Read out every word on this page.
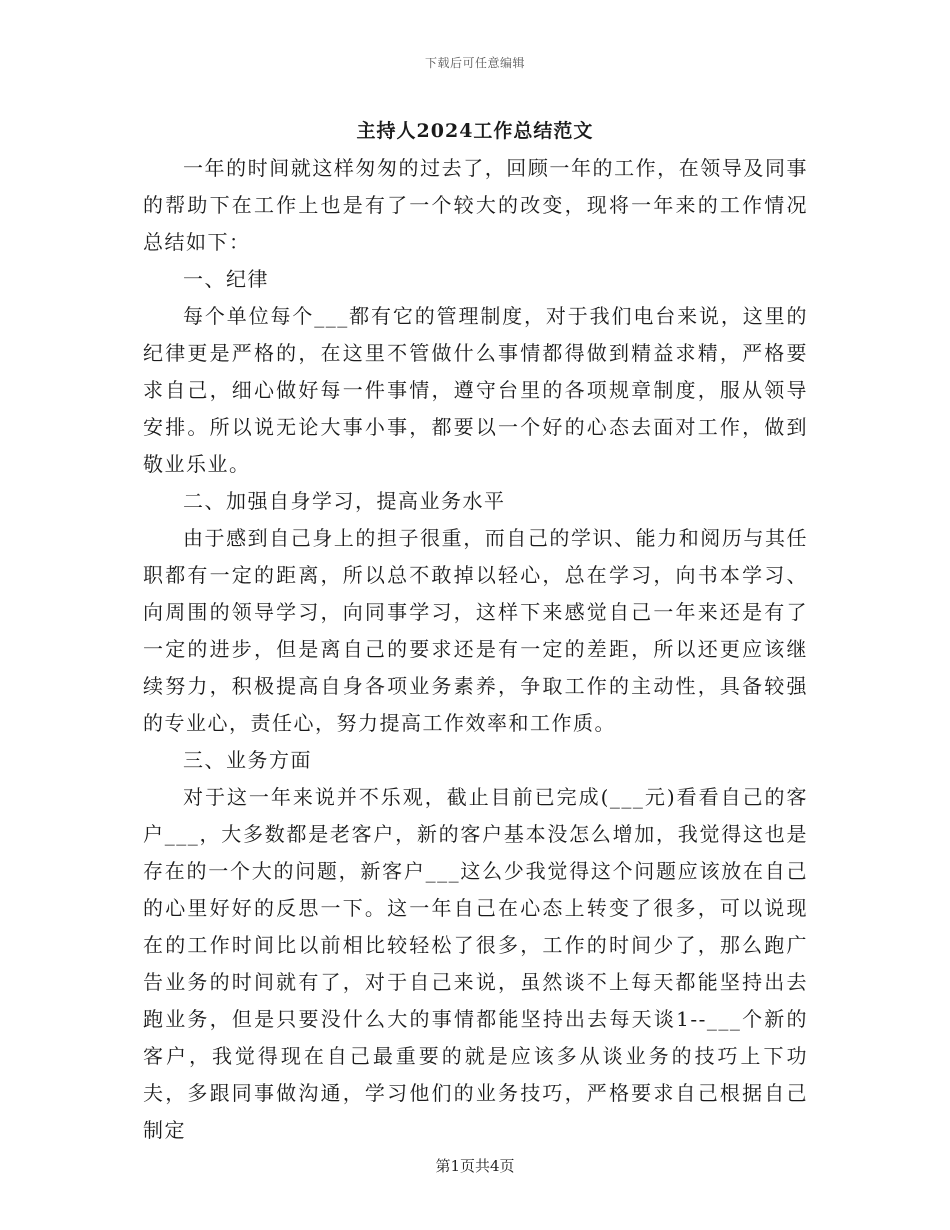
下载后可任意编辑
主持人2024工作总结范文

一年的时间就这样匆匆的过去了，回顾一年的工作，在领导及同事的帮助下在工作上也是有了一个较大的改变，现将一年来的工作情况总结如下：

一、纪律

每个单位每个___都有它的管理制度，对于我们电台来说，这里的纪律更是严格的，在这里不管做什么事情都得做到精益求精，严格要求自己，细心做好每一件事情，遵守台里的各项规章制度，服从领导安排。所以说无论大事小事，都要以一个好的心态去面对工作，做到敬业乐业。

二、加强自身学习，提高业务水平

由于感到自己身上的担子很重，而自己的学识、能力和阅历与其任职都有一定的距离，所以总不敢掉以轻心，总在学习，向书本学习、向周围的领导学习，向同事学习，这样下来感觉自己一年来还是有了一定的进步，但是离自己的要求还是有一定的差距，所以还更应该继续努力，积极提高自身各项业务素养，争取工作的主动性，具备较强的专业心，责任心，努力提高工作效率和工作质。

三、业务方面

对于这一年来说并不乐观，截止目前已完成(___元)看看自己的客户___，大多数都是老客户，新的客户基本没怎么增加，我觉得这也是存在的一个大的问题，新客户___这么少我觉得这个问题应该放在自己的心里好好的反思一下。这一年自己在心态上转变了很多，可以说现在的工作时间比以前相比较轻松了很多，工作的时间少了，那么跑广告业务的时间就有了，对于自己来说，虽然谈不上每天都能坚持出去跑业务，但是只要没什么大的事情都能坚持出去每天谈1--___个新的客户，我觉得现在自己最重要的就是应该多从谈业务的技巧上下功夫，多跟同事做沟通，学习他们的业务技巧，严格要求自己根据自己制定

第1页共4页
